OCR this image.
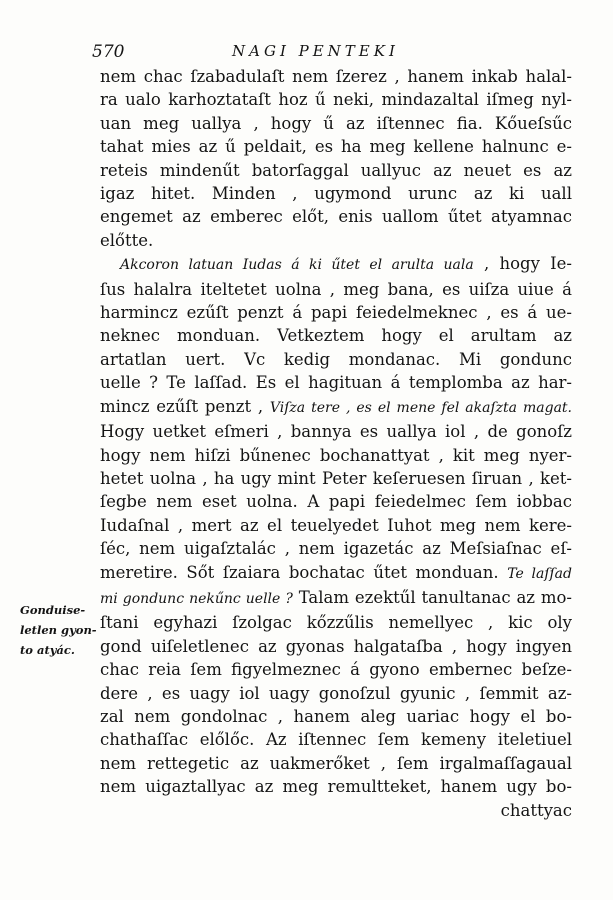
570	NAGI PENTEKI
Gonduise-
letlen gyon-
to atyác.
nem chac ſzabadulaſt nem ſzerez , hanem inkab halal-
ra ualo karhoztataſt hoz ű neki, mindazaltal iſmeg nyl-
uan meg uallya , hogy ű az iſtennec fia. Kőueſsűc
tahat mies az ű peldait, es ha meg kellene halnunc e-
reteis mindenűt batorſaggal uallyuc az neuet es az
igaz hitet. Minden , ugymond urunc az ki uall
engemet az emberec előt, enis uallom űtet atyamnac
előtte.
Akcoron latuan Iudas á ki űtet el arulta uala , hogy Ie-
ſus halalra iteltetet uolna , meg bana, es uiſza uiue á
harmincz ezűſt penzt á papi feiedelmeknec , es á ue-
neknec monduan. Vetkeztem hogy el arultam az
artatlan uert. Vc kedig mondanac. Mi gondunc
uelle ? Te laſſad. Es el hagituan á templomba az har-
mincz ezűſt penzt , Viſza tere , es el mene fel akaſzta magat.
Hogy uetket eſmeri , bannya es uallya iol , de gonoſz
hogy nem hiſzi bűnenec bochanattyat , kit meg nyer-
hetet uolna , ha ugy mint Peter keſeruesen ſiruan , ket-
ſegbe nem eset uolna. A papi feiedelmec ſem iobbac
Iudaſnal , mert az el teuelyedet Iuhot meg nem kere-
ſéc, nem uigaſztalác , nem igazetác az Meſsiaſnac eſ-
meretire. Sőt ſzaiara bochatac űtet monduan. Te laſſad
mi gondunc nekűnc uelle ? Talam ezektűl tanultanac az mo-
ſtani egyhazi ſzolgac kőzzűlis nemellyec , kic oly
gond uiſeletlenec az gyonas halgataſba , hogy ingyen
chac reia ſem figyelmeznec á gyono embernec beſze-
dere , es uagy iol uagy gonoſzul gyunic , ſemmit az-
zal nem gondolnac , hanem aleg uariac hogy el bo-
chathaſſac előlőc. Az iſtennec ſem kemeny iteletiuel
nem rettegetic az uakmerőket , ſem irgalmaſſagaual
nem uigaztallyac az meg remultteket, hanem ugy bo-
chattyac
